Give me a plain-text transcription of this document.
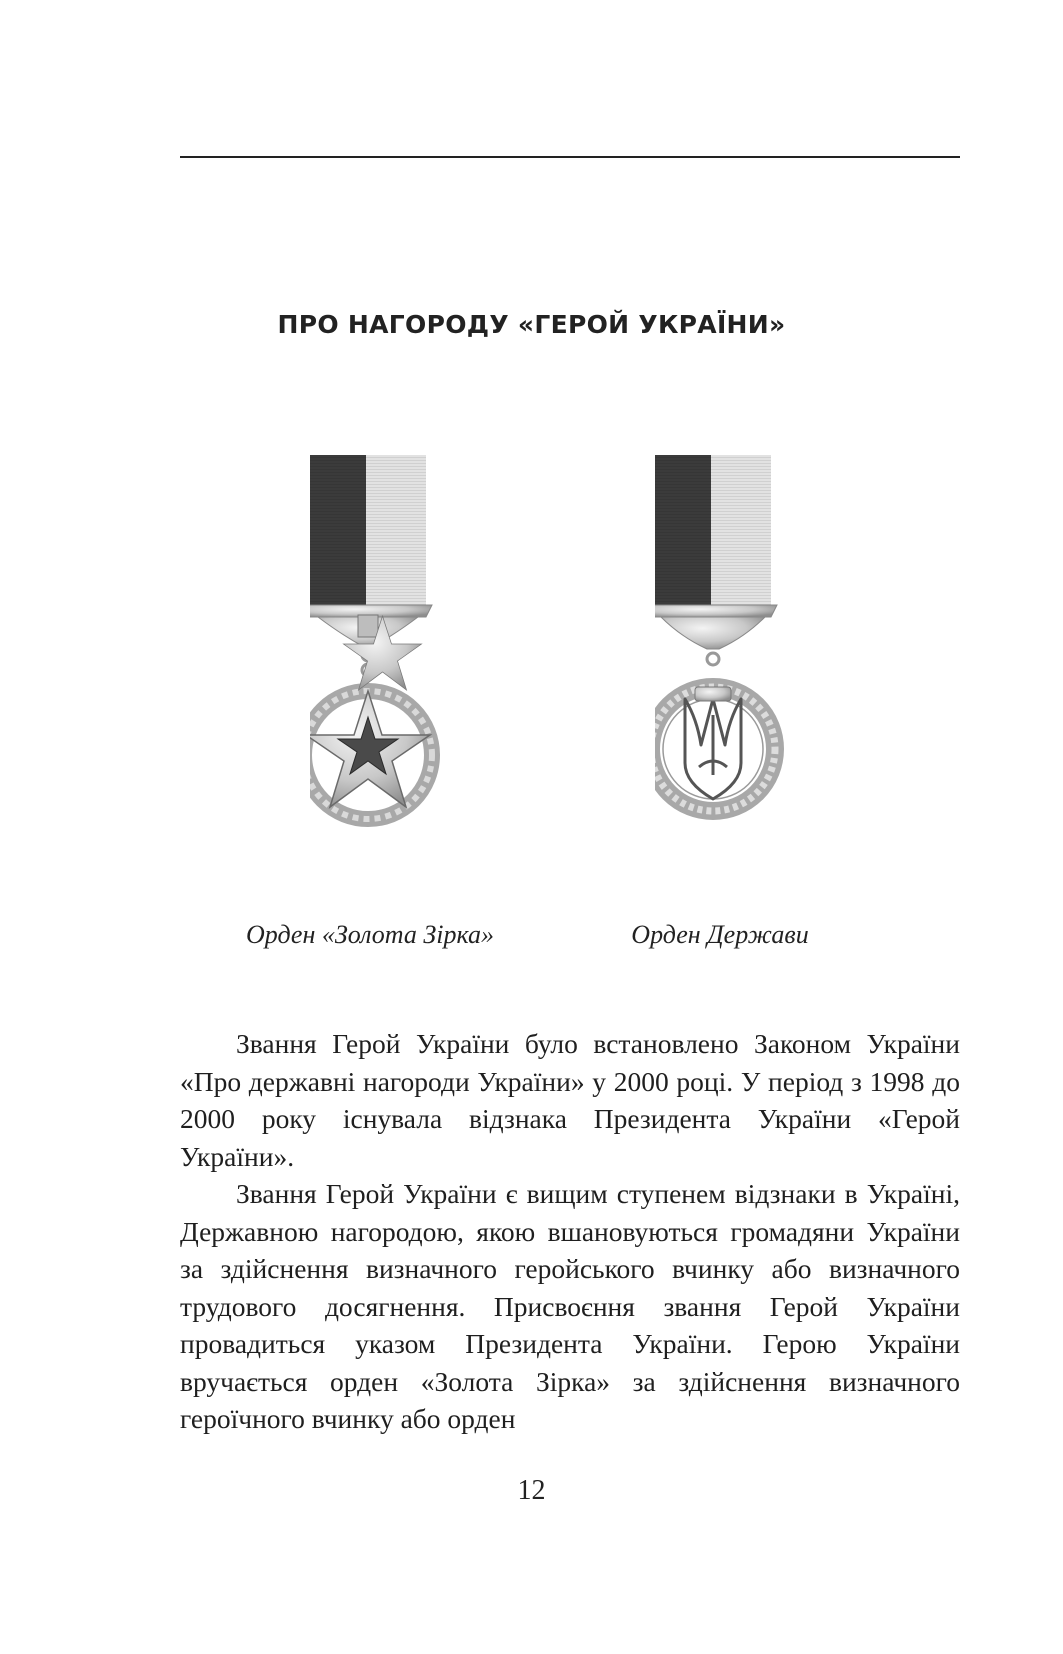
ПРО НАГОРОДУ «ГЕРОЙ УКРАЇНИ»
Орден «Золота Зірка»	Орден Держави

Звання Герой України було встановлено Законом України «Про державні нагороди України» у 2000 році. У період з 1998 до 2000 року існувала відзнака Президента України «Герой України».

Звання Герой України є вищим ступенем відзнаки в Україні, Державною нагородою, якою вшановуються громадяни України за здійснення визначного геройського вчинку або визначного трудового досягнення. Присвоєння звання Герой України провадиться указом Президента України. Герою України вручається орден «Золота Зірка» за здійснення визначного героїчного вчинку або орден

12
